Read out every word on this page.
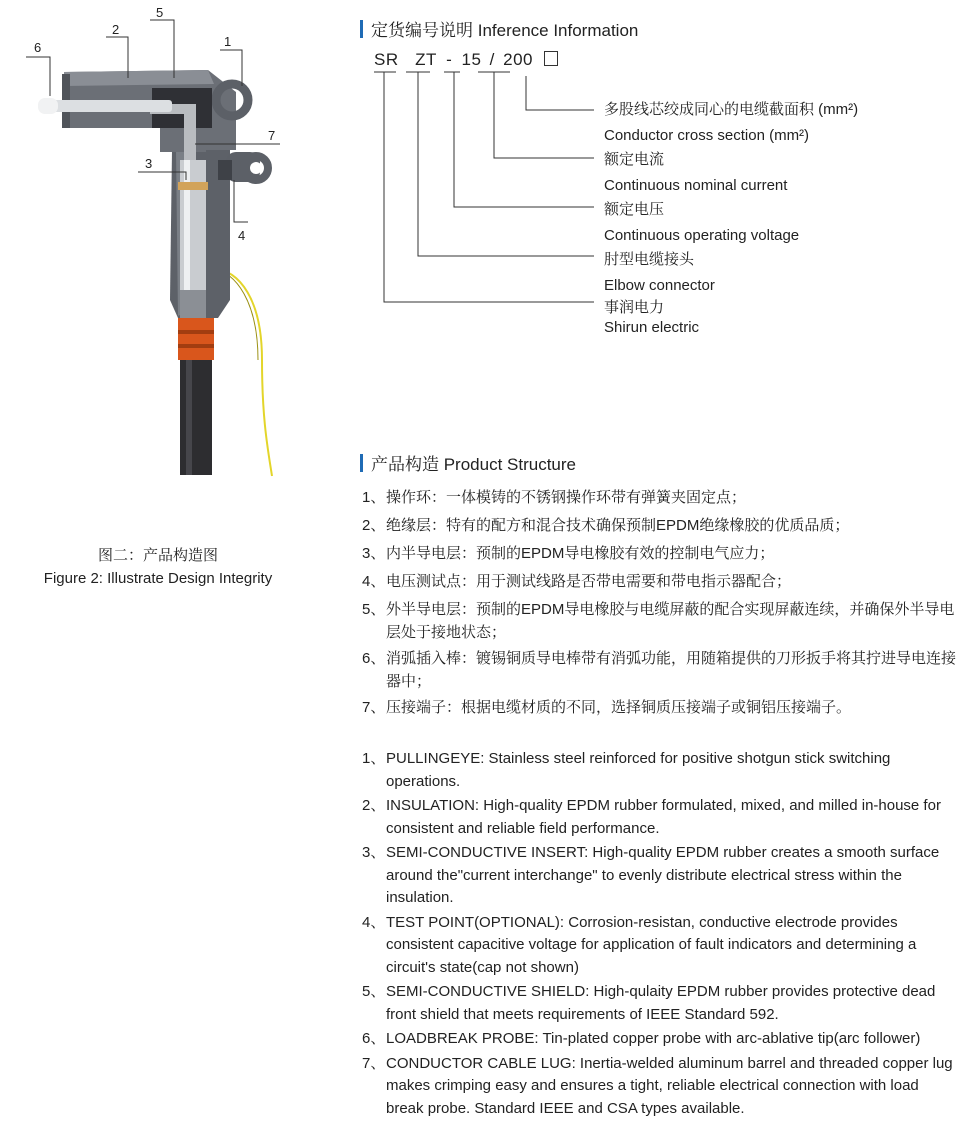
6
2
5
1
7
3
4
图二：产品构造图
Figure 2: Illustrate Design Integrity
定货编号说明 Inference Information
SR ZT - 15 / 200
多股线芯绞成同心的电缆截面积 (mm²)
Conductor cross section (mm²)
额定电流
Continuous nominal current
额定电压
Continuous operating voltage
肘型电缆接头
Elbow connector
事润电力
Shirun electric
产品构造 Product Structure
1、 操作环：一体模铸的不锈钢操作环带有弹簧夹固定点；
2、 绝缘层：特有的配方和混合技术确保预制EPDM绝缘橡胶的优质品质；
3、 内半导电层：预制的EPDM导电橡胶有效的控制电气应力；
4、 电压测试点：用于测试线路是否带电需要和带电指示器配合；
5、 外半导电层：预制的EPDM导电橡胶与电缆屏蔽的配合实现屏蔽连续，并确保外半导电层处于接地状态；
6、 消弧插入棒：镀锡铜质导电棒带有消弧功能，用随箱提供的刀形扳手将其拧进导电连接器中；
7、 压接端子：根据电缆材质的不同，选择铜质压接端子或铜铝压接端子。
1、 PULLINGEYE: Stainless steel reinforced for positive shotgun stick switching operations.
2、 INSULATION: High-quality EPDM rubber formulated, mixed, and milled in-house for consistent and reliable field performance.
3、 SEMI-CONDUCTIVE INSERT: High-quality EPDM rubber creates a smooth surface around the"current interchange" to evenly distribute electrical stress within the insulation.
4、 TEST POINT(OPTIONAL): Corrosion-resistan, conductive electrode provides consistent capacitive voltage for application of fault indicators and determining a circuit's state(cap not shown)
5、 SEMI-CONDUCTIVE SHIELD: High-qulaity EPDM rubber provides protective dead front shield that meets requirements of IEEE Standard 592.
6、 LOADBREAK PROBE: Tin-plated copper probe with arc-ablative tip(arc follower)
7、 CONDUCTOR CABLE LUG: Inertia-welded aluminum barrel and threaded copper lug makes crimping easy and ensures a tight, reliable electrical connection with load break probe. Standard IEEE and CSA types available.
